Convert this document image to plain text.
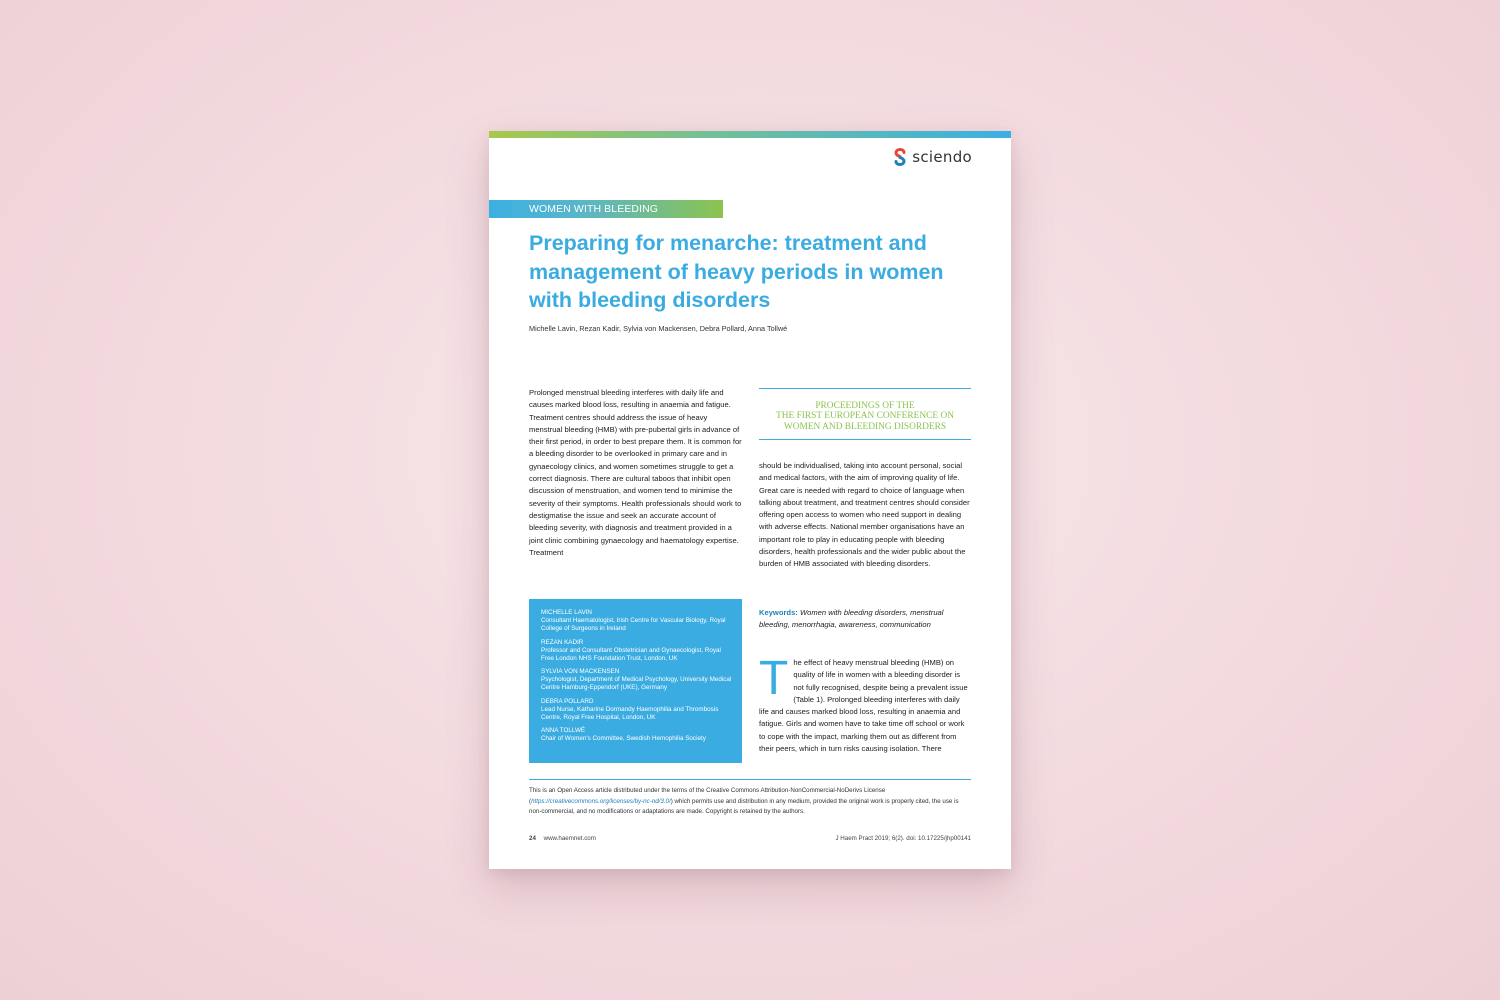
sciendo
WOMEN WITH BLEEDING DISORDERS
Preparing for menarche: treatment and management of heavy periods in women with bleeding disorders
Michelle Lavin, Rezan Kadir, Sylvia von Mackensen, Debra Pollard, Anna Tollwé

Prolonged menstrual bleeding interferes with daily life and causes marked blood loss, resulting in anaemia and fatigue. Treatment centres should address the issue of heavy menstrual bleeding (HMB) with pre-pubertal girls in advance of their first period, in order to best prepare them. It is common for a bleeding disorder to be overlooked in primary care and in gynaecology clinics, and women sometimes struggle to get a correct diagnosis. There are cultural taboos that inhibit open discussion of menstruation, and women tend to minimise the severity of their symptoms. Health professionals should work to destigmatise the issue and seek an accurate account of bleeding severity, with diagnosis and treatment provided in a joint clinic combining gynaecology and haematology expertise. Treatment

PROCEEDINGS OF THE
THE FIRST EUROPEAN CONFERENCE ON
WOMEN AND BLEEDING DISORDERS

should be individualised, taking into account personal, social and medical factors, with the aim of improving quality of life. Great care is needed with regard to choice of language when talking about treatment, and treatment centres should consider offering open access to women who need support in dealing with adverse effects. National member organisations have an important role to play in educating people with bleeding disorders, health professionals and the wider public about the burden of HMB associated with bleeding disorders.

Keywords: Women with bleeding disorders, menstrual bleeding, menorrhagia, awareness, communication

MICHELLE LAVIN
Consultant Haematologist, Irish Centre for Vascular Biology, Royal College of Surgeons in Ireland
REZAN KADIR
Professor and Consultant Obstetrician and Gynaecologist, Royal Free London NHS Foundation Trust, London, UK
SYLVIA VON MACKENSEN
Psychologist, Department of Medical Psychology, University Medical Centre Hamburg-Eppendorf (UKE), Germany
DEBRA POLLARD
Lead Nurse, Katharine Dormandy Haemophilia and Thrombosis Centre, Royal Free Hospital, London, UK
ANNA TOLLWÉ
Chair of Women's Committee, Swedish Hemophilia Society

The effect of heavy menstrual bleeding (HMB) on quality of life in women with a bleeding disorder is not fully recognised, despite being a prevalent issue (Table 1). Prolonged bleeding interferes with daily life and causes marked blood loss, resulting in anaemia and fatigue. Girls and women have to take time off school or work to cope with the impact, marking them out as different from their peers, which in turn risks causing isolation. There

This is an Open Access article distributed under the terms of the Creative Commons Attribution-NonCommercial-NoDerivs License (https://creativecommons.org/licenses/by-nc-nd/3.0/) which permits use and distribution in any medium, provided the original work is properly cited, the use is non-commercial, and no modifications or adaptations are made. Copyright is retained by the authors.

24 www.haemnet.com	J Haem Pract 2019; 6(2). doi: 10.17225/jhp00141
